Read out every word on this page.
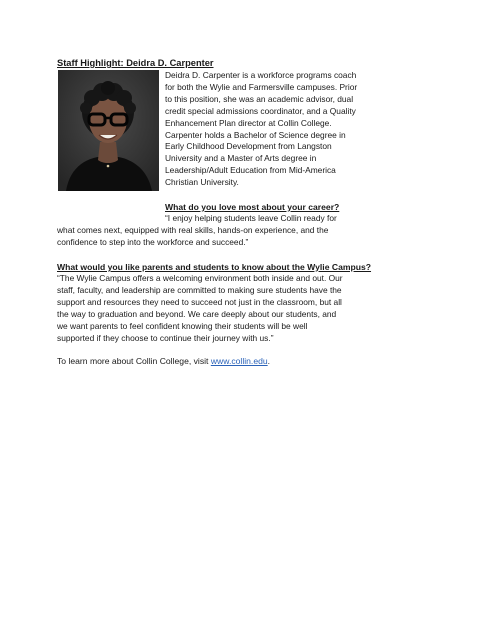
Staff Highlight: Deidra D. Carpenter

Deidra D. Carpenter is a workforce programs coach

for both the Wylie and Farmersville campuses. Prior

to this position, she was an academic advisor, dual

credit special admissions coordinator, and a Quality

Enhancement Plan director at Collin College.

Carpenter holds a Bachelor of Science degree in

Early Childhood Development from Langston

University and a Master of Arts degree in

Leadership/Adult Education from Mid-America

Christian University.

What do you love most about your career?
“I enjoy helping students leave Collin ready for
what comes next, equipped with real skills, hands-on experience, and the
confidence to step into the workforce and succeed.”
What would you like parents and students to know about the Wylie Campus?
“The Wylie Campus offers a welcoming environment both inside and out. Our
staff, faculty, and leadership are committed to making sure students have the
support and resources they need to succeed not just in the classroom, but all
the way to graduation and beyond. We care deeply about our students, and
we want parents to feel confident knowing their students will be well
supported if they choose to continue their journey with us.”
To learn more about Collin College, visit www.collin.edu.
